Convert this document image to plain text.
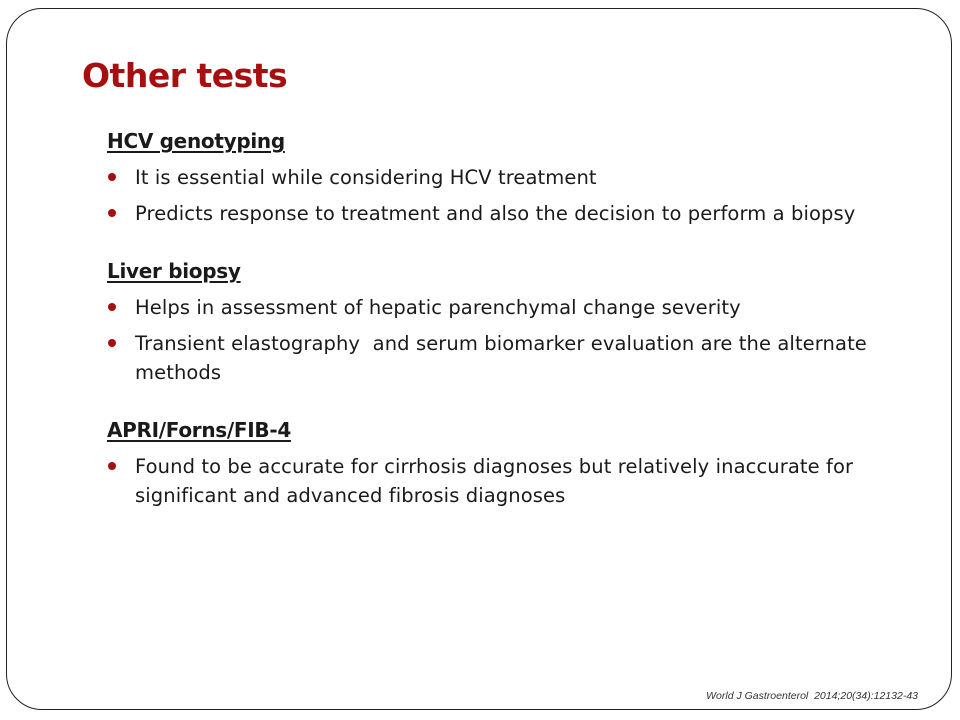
Other tests
HCV genotyping
It is essential while considering HCV treatment
Predicts response to treatment and also the decision to perform a biopsy
Liver biopsy
Helps in assessment of hepatic parenchymal change severity
Transient elastography  and serum biomarker evaluation are the alternate methods
APRI/Forns/FIB-4
Found to be accurate for cirrhosis diagnoses but relatively inaccurate for significant and advanced fibrosis diagnoses
World J Gastroenterol  2014;20(34):12132-43
